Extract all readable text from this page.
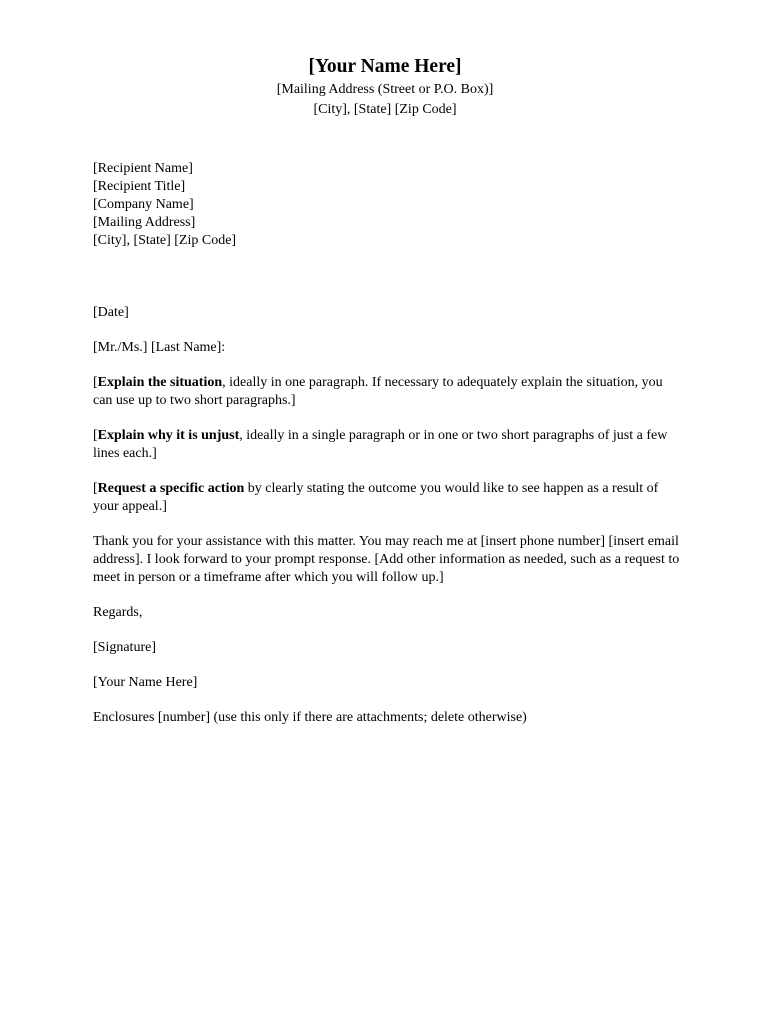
[Your Name Here]
[Mailing Address (Street or P.O. Box)]
[City], [State] [Zip Code]
[Recipient Name]
[Recipient Title]
[Company Name]
[Mailing Address]
[City], [State] [Zip Code]

[Date]

[Mr./Ms.] [Last Name]:

[Explain the situation, ideally in one paragraph. If necessary to adequately explain the situation, you can use up to two short paragraphs.]

[Explain why it is unjust, ideally in a single paragraph or in one or two short paragraphs of just a few lines each.]

[Request a specific action by clearly stating the outcome you would like to see happen as a result of your appeal.]

Thank you for your assistance with this matter. You may reach me at [insert phone number] [insert email address]. I look forward to your prompt response. [Add other information as needed, such as a request to meet in person or a timeframe after which you will follow up.]

Regards,

[Signature]

[Your Name Here]

Enclosures [number] (use this only if there are attachments; delete otherwise)
